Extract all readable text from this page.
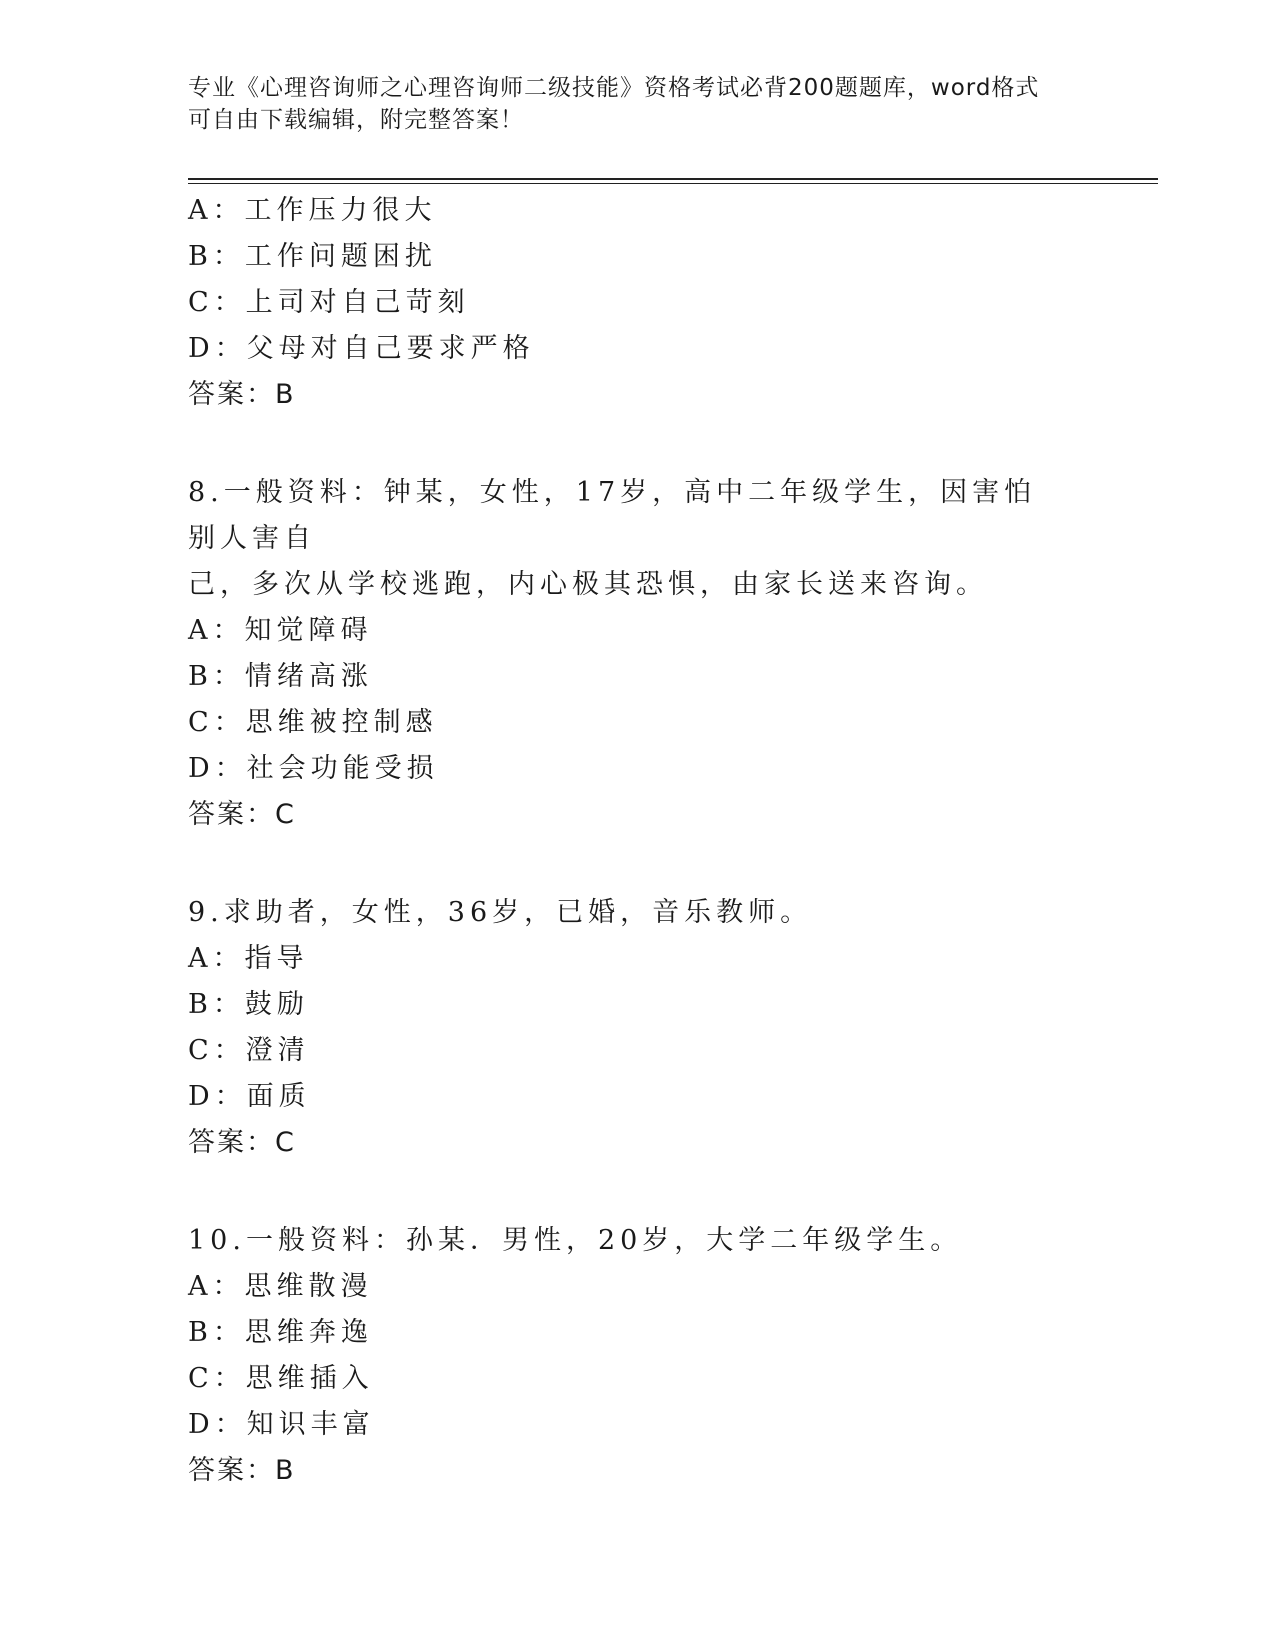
专业《心理咨询师之心理咨询师二级技能》资格考试必背200题题库，word格式
可自由下载编辑，附完整答案！
A：工作压力很大
B：工作问题困扰
C：上司对自己苛刻
D：父母对自己要求严格
答案：B
8.一般资料：钟某，女性，17岁，高中二年级学生，因害怕别人害自
己，多次从学校逃跑，内心极其恐惧，由家长送来咨询。
A：知觉障碍
B：情绪高涨
C：思维被控制感
D：社会功能受损
答案：C
9.求助者，女性，36岁，已婚，音乐教师。
A：指导
B：鼓励
C：澄清
D：面质
答案：C
10.一般资料：孙某．男性，20岁，大学二年级学生。
A：思维散漫
B：思维奔逸
C：思维插入
D：知识丰富
答案：B
